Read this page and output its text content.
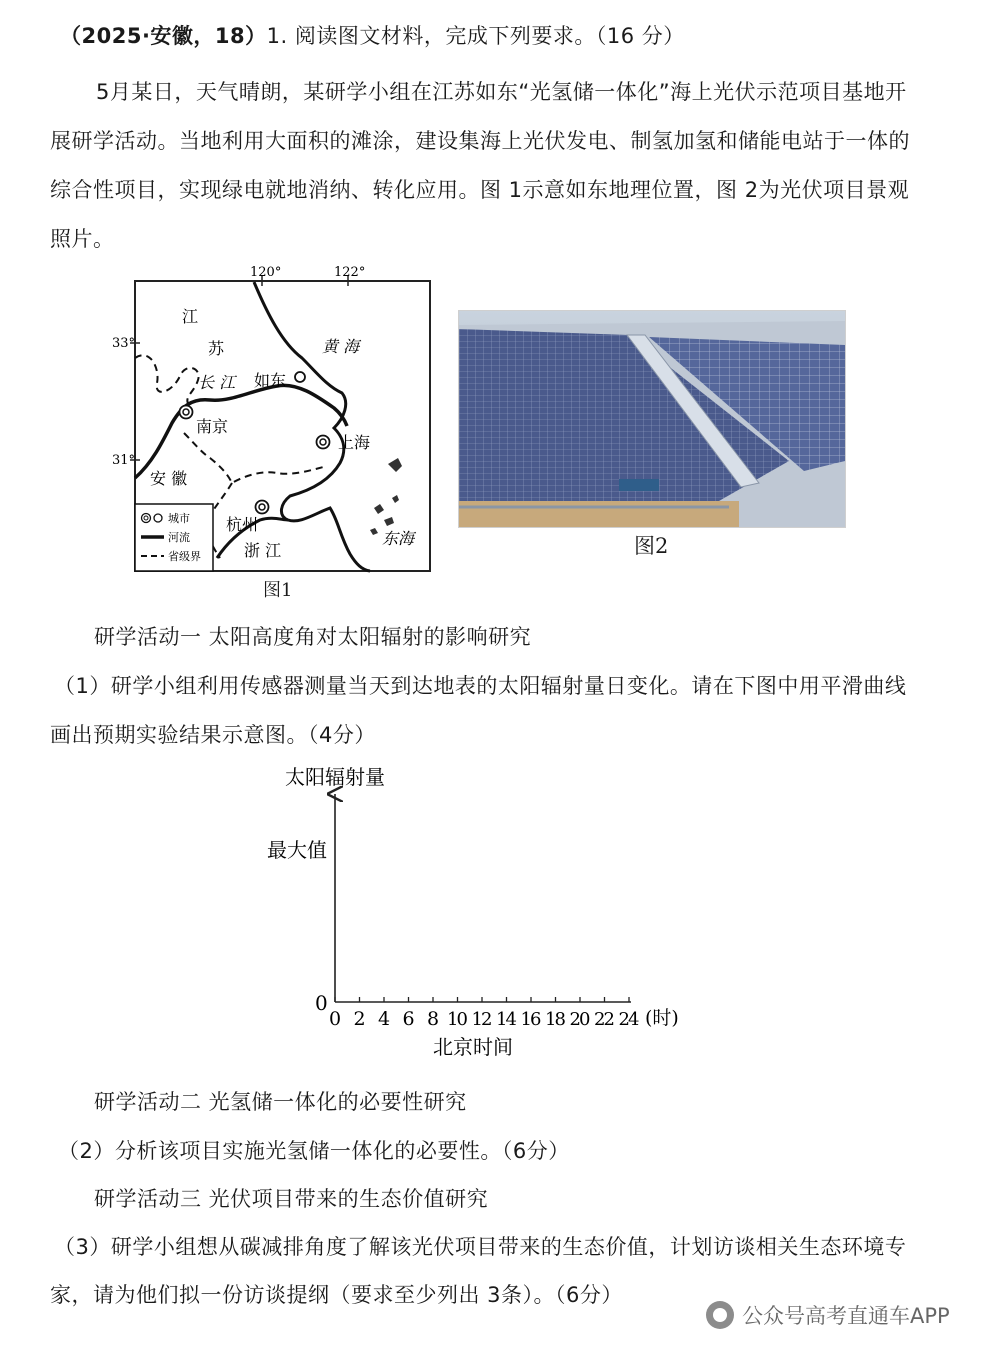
（2025·安徽，18）1. 阅读图文材料，完成下列要求。（16 分）
5月某日，天气晴朗，某研学小组在江苏如东“光氢储一体化”海上光伏示范项目基地开
展研学活动。当地利用大面积的滩涂，建设集海上光伏发电、制氢加氢和储能电站于一体的
综合性项目，实现绿电就地消纳、转化应用。图 1示意如东地理位置，图 2为光伏项目景观
照片。
120°	122°
33°
31°
江
苏
长 江 如东
黄 海
南京
上海
安 徽
杭州
浙 江
东海
城市
河流
省级界
图1
图2
研学活动一 太阳高度角对太阳辐射的影响研究
（1）研学小组利用传感器测量当天到达地表的太阳辐射量日变化。请在下图中用平滑曲线
画出预期实验结果示意图。（4分）
太阳辐射量
最大值
0
0 2 4 6 8 10 12 14 16 18 20 22 24 (时)
北京时间
研学活动二 光氢储一体化的必要性研究
（2）分析该项目实施光氢储一体化的必要性。（6分）
研学活动三 光伏项目带来的生态价值研究
（3）研学小组想从碳减排角度了解该光伏项目带来的生态价值，计划访谈相关生态环境专
家，请为他们拟一份访谈提纲（要求至少列出 3条）。（6分）
公众号高考直通车APP
